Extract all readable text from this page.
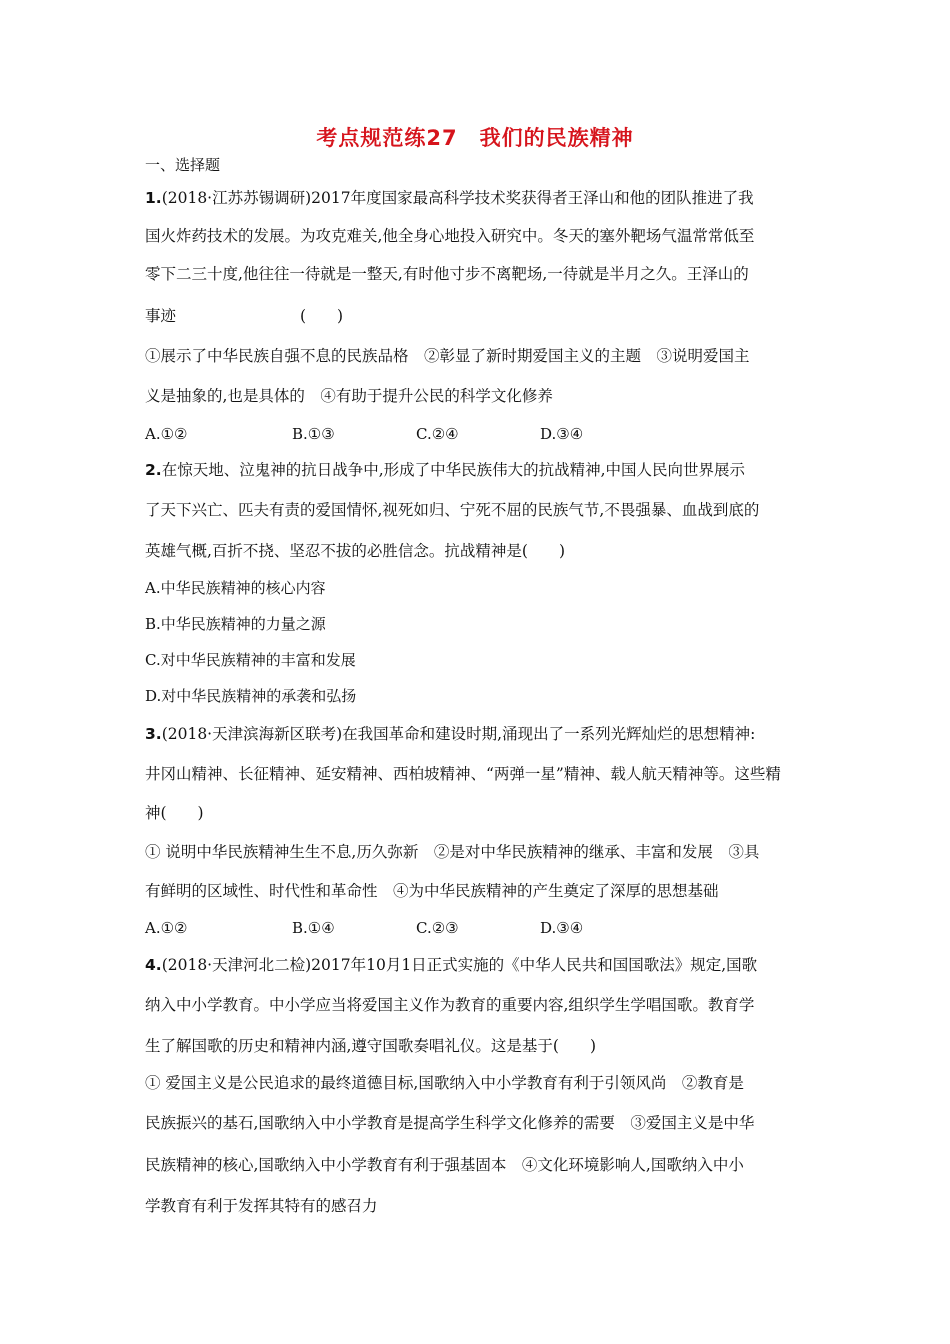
考点规范练27　我们的民族精神
一、选择题
1.(2018·江苏苏锡调研)2017年度国家最高科学技术奖获得者王泽山和他的团队推进了我
国火炸药技术的发展。为攻克难关,他全身心地投入研究中。冬天的塞外靶场气温常常低至
零下二三十度,他往往一待就是一整天,有时他寸步不离靶场,一待就是半月之久。王泽山的
事迹　　　　　　　　(　　)
①展示了中华民族自强不息的民族品格　②彰显了新时期爱国主义的主题　③说明爱国主
义是抽象的,也是具体的　④有助于提升公民的科学文化修养
A.①②	B.①③	C.②④	D.③④
2.在惊天地、泣鬼神的抗日战争中,形成了中华民族伟大的抗战精神,中国人民向世界展示
了天下兴亡、匹夫有责的爱国情怀,视死如归、宁死不屈的民族气节,不畏强暴、血战到底的
英雄气概,百折不挠、坚忍不拔的必胜信念。抗战精神是(　　)
A.中华民族精神的核心内容
B.中华民族精神的力量之源
C.对中华民族精神的丰富和发展
D.对中华民族精神的承袭和弘扬
3.(2018·天津滨海新区联考)在我国革命和建设时期,涌现出了一系列光辉灿烂的思想精神:
井冈山精神、长征精神、延安精神、西柏坡精神、“两弹一星”精神、载人航天精神等。这些精
神(　　)
① 说明中华民族精神生生不息,历久弥新　②是对中华民族精神的继承、丰富和发展　③具
有鲜明的区域性、时代性和革命性　④为中华民族精神的产生奠定了深厚的思想基础
A.①②	B.①④	C.②③	D.③④
4.(2018·天津河北二检)2017年10月1日正式实施的《中华人民共和国国歌法》规定,国歌
纳入中小学教育。中小学应当将爱国主义作为教育的重要内容,组织学生学唱国歌。教育学
生了解国歌的历史和精神内涵,遵守国歌奏唱礼仪。这是基于(　　)
① 爱国主义是公民追求的最终道德目标,国歌纳入中小学教育有利于引领风尚　②教育是
民族振兴的基石,国歌纳入中小学教育是提高学生科学文化修养的需要　③爱国主义是中华
民族精神的核心,国歌纳入中小学教育有利于强基固本　④文化环境影响人,国歌纳入中小
学教育有利于发挥其特有的感召力
